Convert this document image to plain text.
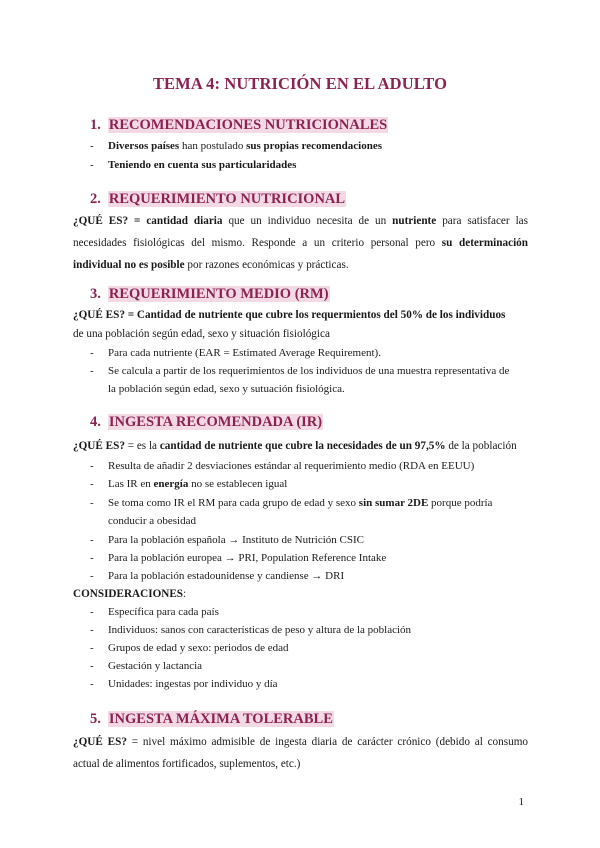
TEMA 4: NUTRICIÓN EN EL ADULTO
1. RECOMENDACIONES NUTRICIONALES
- Diversos países han postulado sus propias recomendaciones
- Teniendo en cuenta sus particularidades
2. REQUERIMIENTO NUTRICIONAL
¿QUÉ ES? = cantidad diaria que un individuo necesita de un nutriente para satisfacer las necesidades fisiológicas del mismo. Responde a un criterio personal pero su determinación individual no es posible por razones económicas y prácticas.
3. REQUERIMIENTO MEDIO (RM)
¿QUÉ ES? = Cantidad de nutriente que cubre los requermientos del 50% de los individuos
de una población según edad, sexo y situación fisiológica
- Para cada nutriente (EAR = Estimated Average Requirement).
- Se calcula a partir de los requerimientos de los individuos de una muestra representativa de
la población según edad, sexo y sutuación fisiológica.
4. INGESTA RECOMENDADA (IR)
¿QUÉ ES? = es la cantidad de nutriente que cubre la necesidades de un 97,5% de la población
- Resulta de añadir 2 desviaciones estándar al requerimiento medio (RDA en EEUU)
- Las IR en energía no se establecen igual
- Se toma como IR el RM para cada grupo de edad y sexo sin sumar 2DE porque podría
conducir a obesidad
- Para la población española → Instituto de Nutrición CSIC
- Para la población europea → PRI, Population Reference Intake
- Para la población estadounidense y candiense → DRI
CONSIDERACIONES:
- Específica para cada país
- Individuos: sanos con características de peso y altura de la población
- Grupos de edad y sexo: periodos de edad
- Gestación y lactancia
- Unidades: ingestas por individuo y día
5. INGESTA MÁXIMA TOLERABLE
¿QUÉ ES? = nivel máximo admisible de ingesta diaria de carácter crónico (debido al consumo actual de alimentos fortificados, suplementos, etc.)
1
